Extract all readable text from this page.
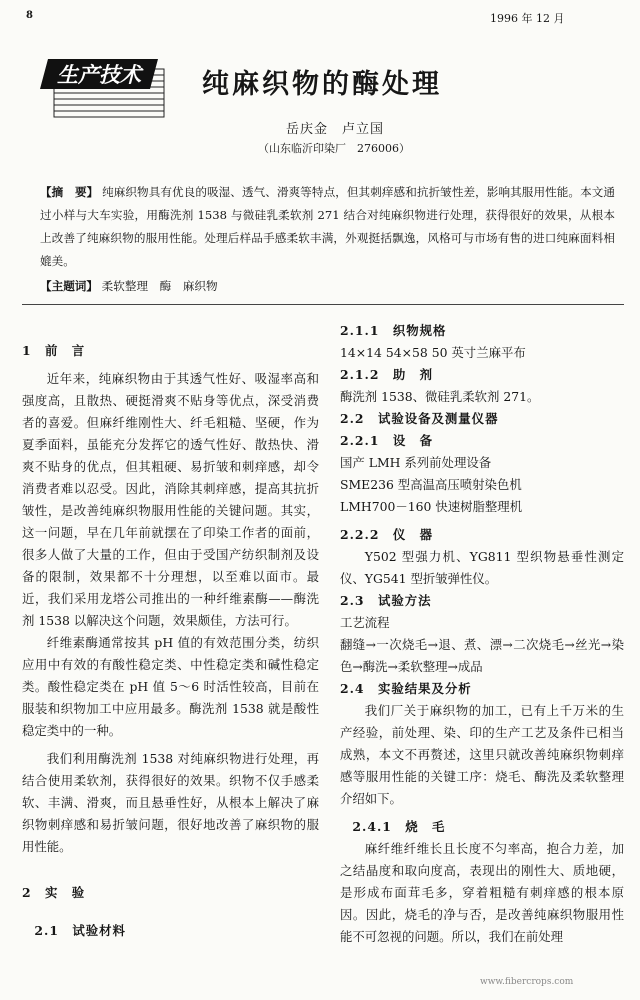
8	1996 年 12 月
生产技术 纯麻织物的酶处理
岳庆金　卢立国
（山东临沂印染厂　276006）
【摘　要】 纯麻织物具有优良的吸湿、透气、滑爽等特点，但其刺痒感和抗折皱性差，影响其服用性能。本文通过小样与大车实验，用酶洗剂 1538 与微硅乳柔软剂 271 结合对纯麻织物进行处理，获得很好的效果，从根本上改善了纯麻织物的服用性能。处理后样品手感柔软丰满，外观挺括飘逸，风格可与市场有售的进口纯麻面料相媲美。
【主题词】 柔软整理　酶　麻织物
1　前　言

近年来，纯麻织物由于其透气性好、吸湿率高和强度高，且散热、硬挺滑爽不贴身等优点，深受消费者的喜爱。但麻纤维刚性大、纤毛粗糙、坚硬，作为夏季面料，虽能充分发挥它的透气性好、散热快、滑爽不贴身的优点，但其粗硬、易折皱和刺痒感，却令消费者难以忍受。因此，消除其刺痒感，提高其抗折皱性，是改善纯麻织物服用性能的关键问题。其实，这一问题，早在几年前就摆在了印染工作者的面前，很多人做了大量的工作，但由于受国产纺织制剂及设备的限制，效果都不十分理想，以至难以面市。最近，我们采用龙塔公司推出的一种纤维素酶——酶洗剂 1538 以解决这个问题，效果颇佳，方法可行。

纤维素酶通常按其 pH 值的有效范围分类，纺织应用中有效的有酸性稳定类、中性稳定类和碱性稳定类。酸性稳定类在 pH 值 5～6 时活性较高，目前在服装和织物加工中应用最多。酶洗剂 1538 就是酸性稳定类中的一种。

我们利用酶洗剂 1538 对纯麻织物进行处理，再结合使用柔软剂，获得很好的效果。织物不仅手感柔软、丰满、滑爽，而且悬垂性好，从根本上解决了麻织物刺痒感和易折皱问题，很好地改善了麻织物的服用性能。

2　实　验
2.1　试验材料
2.1.1　织物规格
14×14 54×58 50 英寸兰麻平布
2.1.2　助　剂
酶洗剂 1538、微硅乳柔软剂 271。
2.2　试验设备及测量仪器
2.2.1　设　备
国产 LMH 系列前处理设备
SME236 型高温高压喷射染色机
LMH700－160 快速树脂整理机
2.2.2　仪　器

Y502 型强力机、YG811 型织物悬垂性测定仪、YG541 型折皱弹性仪。

2.3　试验方法
工艺流程
翻缝→一次烧毛→退、煮、漂→二次烧毛→丝光→染色→酶洗→柔软整理→成品
2.4　实验结果及分析

我们厂关于麻织物的加工，已有上千万米的生产经验，前处理、染、印的生产工艺及条件已相当成熟，本文不再赘述，这里只就改善纯麻织物刺痒感等服用性能的关键工序：烧毛、酶洗及柔软整理介绍如下。

2.4.1　烧　毛

麻纤维纤维长且长度不匀率高，抱合力差，加之结晶度和取向度高，表现出的刚性大、质地硬，是形成布面茸毛多，穿着粗糙有刺痒感的根本原因。因此，烧毛的净与否，是改善纯麻织物服用性能不可忽视的问题。所以，我们在前处理

www.fibercrops.com
